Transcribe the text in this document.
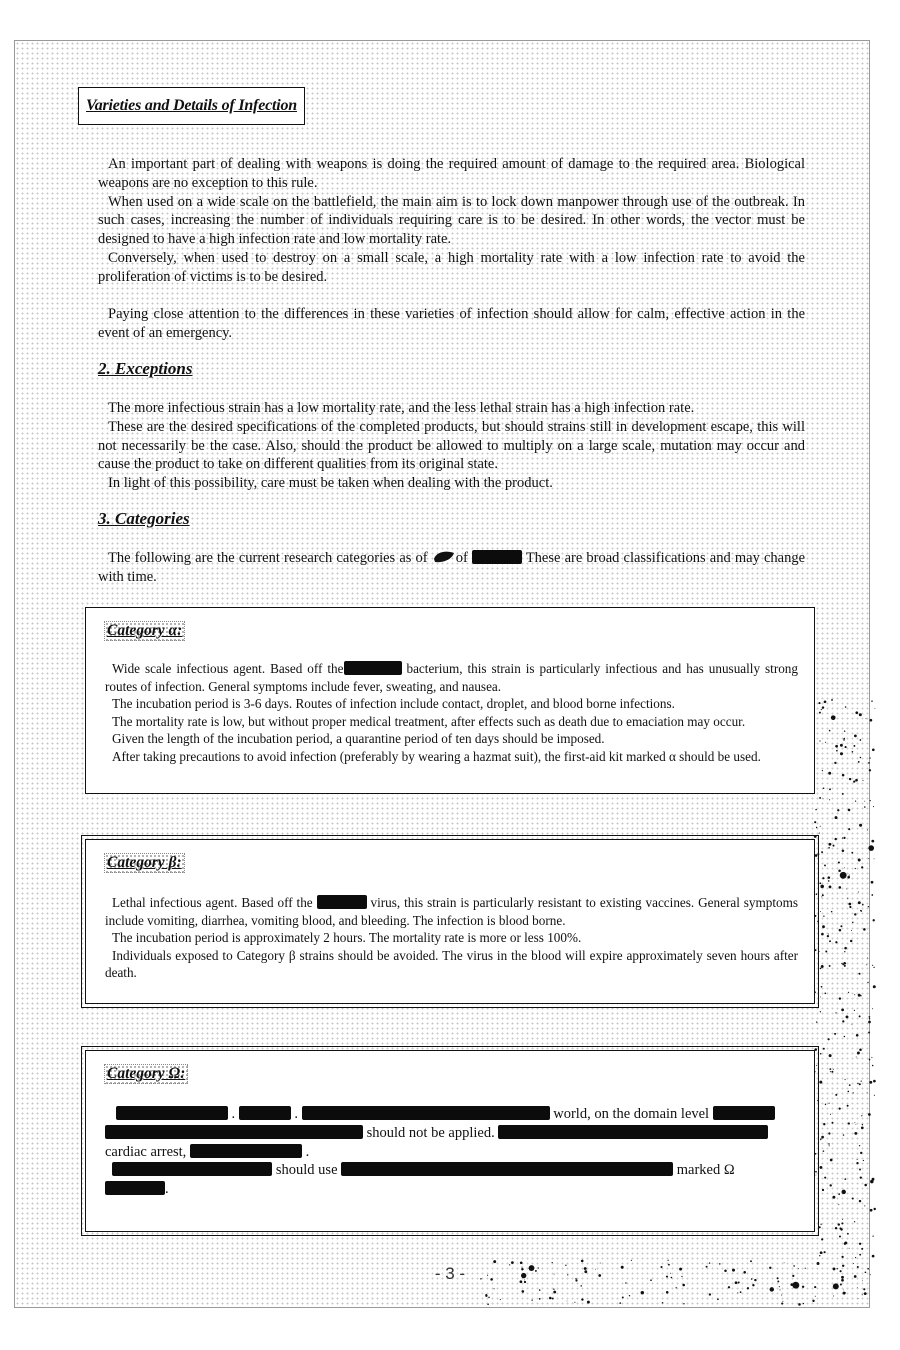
Varieties and Details of Infection

An important part of dealing with weapons is doing the required amount of damage to the required area. Biological weapons are no exception to this rule.

When used on a wide scale on the battlefield, the main aim is to lock down manpower through use of the outbreak. In such cases, increasing the number of individuals requiring care is to be desired. In other words, the vector must be designed to have a high infection rate and low mortality rate.

Conversely, when used to destroy on a small scale, a high mortality rate with a low infection rate to avoid the proliferation of victims is to be desired.

Paying close attention to the differences in these varieties of infection should allow for calm, effective action in the event of an emergency.

2. Exceptions

The more infectious strain has a low mortality rate, and the less lethal strain has a high infection rate.

These are the desired specifications of the completed products, but should strains still in development escape, this will not necessarily be the case. Also, should the product be allowed to multiply on a large scale, mutation may occur and cause the product to take on different qualities from its original state.

In light of this possibility, care must be taken when dealing with the product.

3. Categories

The following are the current research categories as of of	These are broad classifications and may change with time.

Category α:

Wide scale infectious agent. Based off the	bacterium, this strain is particularly infectious and has unusually strong routes of infection. General symptoms include fever, sweating, and nausea.

The incubation period is 3-6 days. Routes of infection include contact, droplet, and blood borne infections.

The mortality rate is low, but without proper medical treatment, after effects such as death due to emaciation may occur.

Given the length of the incubation period, a quarantine period of ten days should be imposed.

After taking precautions to avoid infection (preferably by wearing a hazmat suit), the first-aid kit marked α should be used.

Category β:

Lethal infectious agent. Based off the	virus, this strain is particularly resistant to existing vaccines. General symptoms include vomiting, diarrhea, vomiting blood, and bleeding. The infection is blood borne.

The incubation period is approximately 2 hours. The mortality rate is more or less 100%.

Individuals exposed to Category β strains should be avoided. The virus in the blood will expire approximately seven hours after death.

Category Ω:
.	.	world, on the domain level
should not be applied.
cardiac arrest,	.
should use	marked Ω
.
- 3 -
